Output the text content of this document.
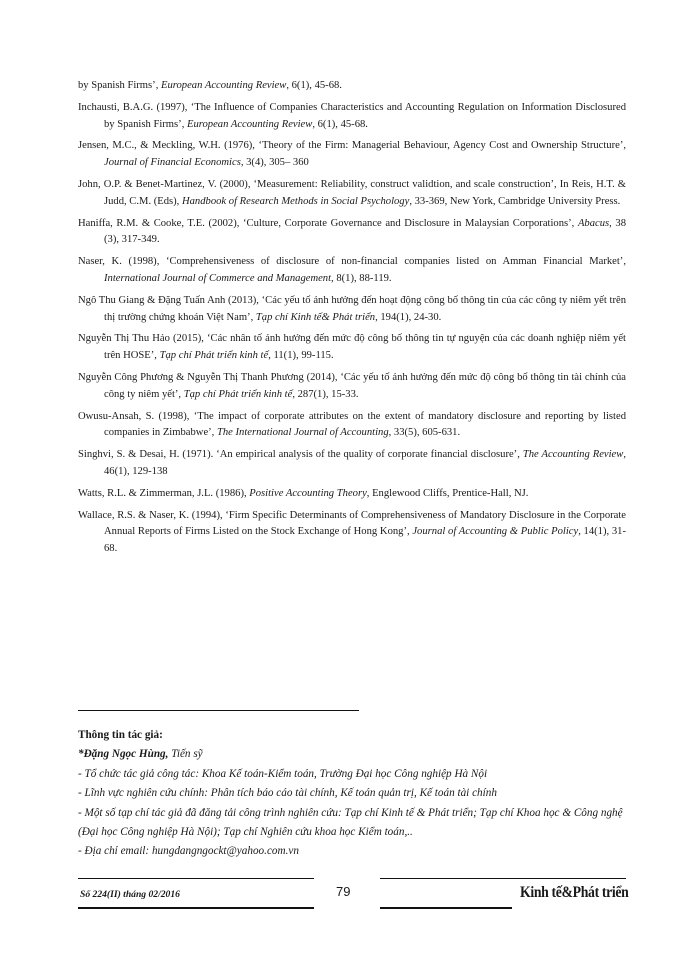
by Spanish Firms’, European Accounting Review, 6(1), 45-68.
Inchausti, B.A.G. (1997), ‘The Influence of Companies Characteristics and Accounting Regulation on Information Disclosured by Spanish Firms’, European Accounting Review, 6(1), 45-68.
Jensen, M.C., & Meckling, W.H. (1976), ‘Theory of the Firm: Managerial Behaviour, Agency Cost and Ownership Structure’, Journal of Financial Economics, 3(4), 305– 360
John, O.P. & Benet-Martinez, V. (2000), ‘Measurement: Reliability, construct validtion, and scale construction’, In Reis, H.T. & Judd, C.M. (Eds), Handbook of Research Methods in Social Psychology, 33-369, New York, Cambridge University Press.
Haniffa, R.M. & Cooke, T.E. (2002), ‘Culture, Corporate Governance and Disclosure in Malaysian Corporations’, Abacus, 38 (3), 317-349.
Naser, K. (1998), ‘Comprehensiveness of disclosure of non-financial companies listed on Amman Financial Market’, International Journal of Commerce and Management, 8(1), 88-119.
Ngô Thu Giang & Đặng Tuấn Anh (2013), ‘Các yếu tố ảnh hưởng đến hoạt động công bố thông tin của các công ty niêm yết trên thị trường chứng khoán Việt Nam’, Tạp chí Kinh tế& Phát triển, 194(1), 24-30.
Nguyễn Thị Thu Hảo (2015), ‘Các nhân tố ảnh hưởng đến mức độ công bố thông tin tự nguyện của các doanh nghiệp niêm yết trên HOSE’, Tạp chí Phát triển kinh tế, 11(1), 99-115.
Nguyễn Công Phương & Nguyễn Thị Thanh Phương (2014), ‘Các yếu tố ảnh hưởng đến mức độ công bố thông tin tài chính của công ty niêm yết’, Tạp chí Phát triển kinh tế, 287(1), 15-33.
Owusu-Ansah, S. (1998), ‘The impact of corporate attributes on the extent of mandatory disclosure and reporting by listed companies in Zimbabwe’, The International Journal of Accounting, 33(5), 605-631.
Singhvi, S. & Desai, H. (1971). ‘An empirical analysis of the quality of corporate financial disclosure’, The Accounting Review, 46(1), 129-138
Watts, R.L. & Zimmerman, J.L. (1986), Positive Accounting Theory, Englewood Cliffs, Prentice-Hall, NJ.
Wallace, R.S. & Naser, K. (1994), ‘Firm Specific Determinants of Comprehensiveness of Mandatory Disclosure in the Corporate Annual Reports of Firms Listed on the Stock Exchange of Hong Kong’, Journal of Accounting & Public Policy, 14(1), 31-68.
Thông tin tác giả:
*Đặng Ngọc Hùng, Tiến sỹ
- Tổ chức tác giả công tác: Khoa Kế toán-Kiểm toán, Trường Đại học Công nghiệp Hà Nội
- Lĩnh vực nghiên cứu chính: Phân tích báo cáo tài chính, Kế toán quản trị, Kế toán tài chính
- Một số tạp chí tác giả đã đăng tải công trình nghiên cứu: Tạp chí Kinh tế & Phát triển; Tạp chí Khoa học & Công nghệ (Đại học Công nghiệp Hà Nội); Tạp chí Nghiên cứu khoa học Kiểm toán,..
- Địa chỉ email: hungdangngockt@yahoo.com.vn
Số 224(II) tháng 02/2016	79	Kinh tế&Phát triển
